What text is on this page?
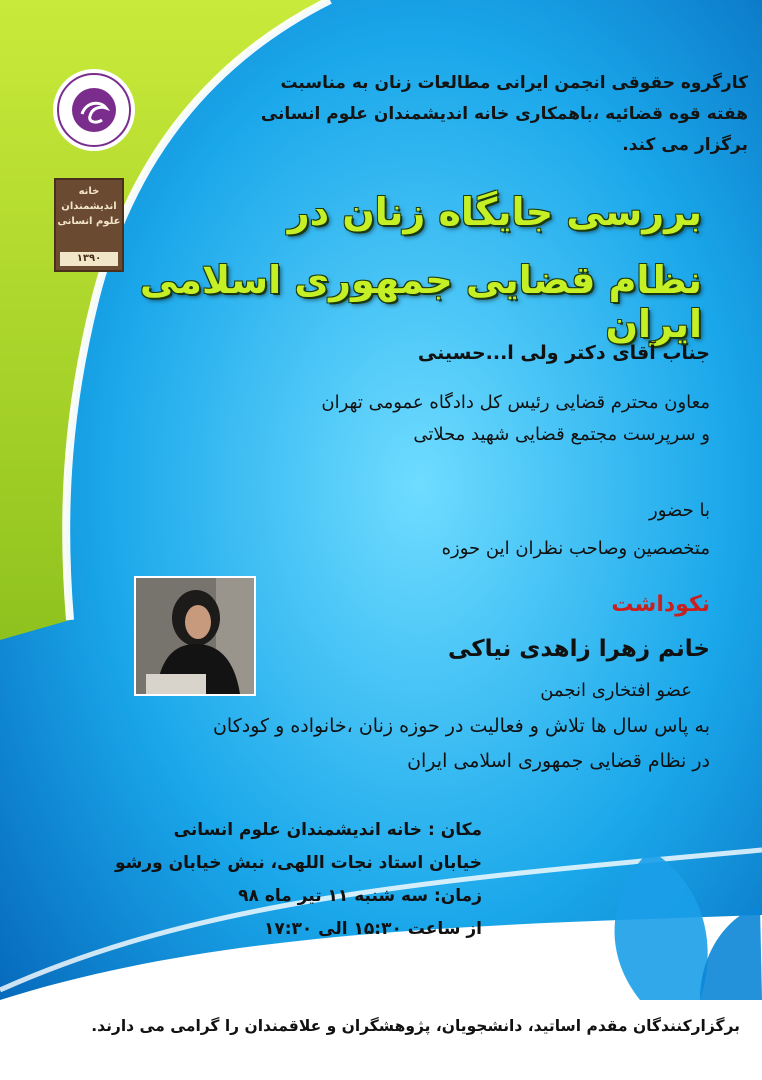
خانه اندیشمندان علوم انسانی
۱۳۹۰
کارگروه حقوقی انجمن ایرانی مطالعات زنان به مناسبت
هفته قوه قضائیه ،باهمکاری خانه اندیشمندان علوم انسانی
برگزار می کند.
بررسی جایگاه زنان در
نظام قضایی جمهوری اسلامی ایران
جناب آقای دکتر ولی ا...حسینی
معاون محترم قضایی رئیس کل دادگاه عمومی تهران
و سرپرست مجتمع قضایی شهید محلاتی
با حضور
متخصصین وصاحب نظران این حوزه
نکوداشت
خانم زهرا زاهدی نیاکی
عضو افتخاری انجمن
به پاس سال ها تلاش و فعالیت در حوزه زنان ،خانواده و کودکان
در نظام قضایی جمهوری اسلامی ایران
مکان : خانه اندیشمندان علوم انسانی
خیابان استاد نجات اللهی، نبش خیابان ورشو
زمان: سه شنبه ۱۱ تیر ماه ۹۸
از ساعت ۱۵:۳۰ الی ۱۷:۳۰
برگزارکنندگان مقدم اساتید، دانشجویان، پژوهشگران و علاقمندان را گرامی می دارند.
